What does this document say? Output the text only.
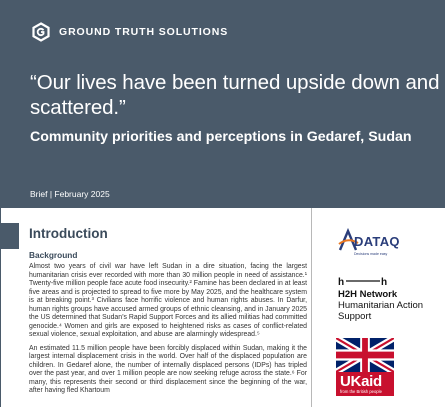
GROUND TRUTH SOLUTIONS
“Our lives have been turned upside down and scattered.”
Community priorities and perceptions in Gedaref, Sudan
Brief | February 2025
Introduction
Background

Almost two years of civil war have left Sudan in a dire situation, facing the largest humanitarian crisis ever recorded with more than 30 million people in need of assistance.¹ Twenty-five million people face acute food insecurity.² Famine has been declared in at least five areas and is projected to spread to five more by May 2025, and the healthcare system is at breaking point.³ Civilians face horrific violence and human rights abuses. In Darfur, human rights groups have accused armed groups of ethnic cleansing, and in January 2025 the US determined that Sudan’s Rapid Support Forces and its allied militias had committed genocide.⁴ Women and girls are exposed to heightened risks as cases of conflict-related sexual violence, sexual exploitation, and abuse are alarmingly widespread.⁵

An estimated 11.5 million people have been forcibly displaced within Sudan, making it the largest internal displacement crisis in the world. Over half of the displaced population are children. In Gedaref alone, the number of internally displaced persons (IDPs) has tripled over the past year, and over 1 million people are now seeking refuge across the state.⁶ For many, this represents their second or third displacement since the beginning of the war, after having fled Khartoum

DATAQ
Decisions made easy
h	h
H2H Network
Humanitarian Action Support
UKaid
from the British people
